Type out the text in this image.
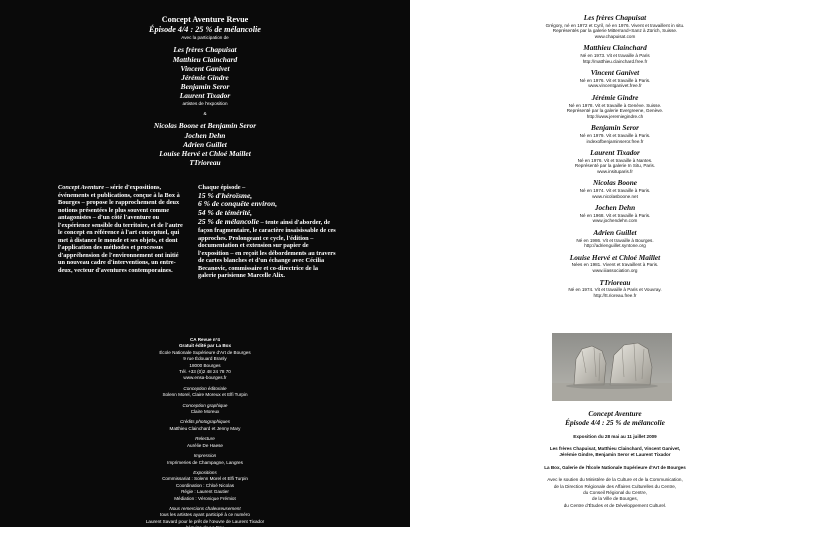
Concept Aventure Revue
Épisode 4/4 : 25 % de mélancolie
Avec la participation de
Les frères Chapuisat
Matthieu Clainchard
Vincent Ganivet
Jérémie Gindre
Benjamin Seror
Laurent Tixador
artistes de l'exposition
&
Nicolas Boone et Benjamin Seror
Jochen Dehn
Adrien Guillet
Louise Hervé et Chloé Maillet
TTrioreau
Concept Aventure – série d'expositions, événements et publications, conçue à la Box à Bourges – propose le rapprochement de deux notions présentées le plus souvent comme antagonistes – d'un côté l'aventure ou l'expérience sensible du territoire, et de l'autre le concept en référence à l'art conceptuel, qui met à distance le monde et ses objets, et dont l'application des méthodes et processus d'appréhension de l'environnement ont initié un nouveau cadre d'interventions, un entre-deux, vecteur d'aventures contemporaines.
Chaque épisode –
15 % d'héroïsme,
6 % de conquête environ,
54 % de témérité,
25 % de mélancolie – tente ainsi d'aborder, de façon fragmentaire, le caractère insaisissable de ces approches. Prolongeant ce cycle, l'édition – documentation et extension sur papier de l'exposition – en reçoit les débordements au travers de cartes blanches et d'un échange avec Cécilia Becanovic, commissaire et co-directrice de la galerie parisienne Marcelle Alix.
CA Revue n°4
Gratuit édité par La Box
École Nationale Supérieure d'Art de Bourges
9 rue Édouard Branly
18000 Bourges
Tél. +33 (0)2 48 24 78 70
www.ensa-bourges.fr
Conception éditoriale
Solenn Morel, Claire Moreux et Elfi Turpin
Conception graphique
Claire Moreux
Crédits photographiques
Matthieu Clainchard et Jenny Mary
Relecture
Aurélie De Haese
Impression
Imprimeries de Champagne, Langres
Expositions
Commissariat : Solenn Morel et Elfi Turpin
Coordination : Chloé Nicolas
Régie : Laurent Gautier
Médiation : Véronique Frémiot
Nous remercions chaleureusement
tous les artistes ayant participé à ce numéro
Laurent Savard pour le prêt de l'œuvre de Laurent Tixador
l'équipe de La Box
Jean-Yves Gauthier
les étudiants dont David Magnou, Quentin Ménard, Baptiste Piet, Romain Weintzeim
Stéphane Doré et l'École Nationale Supérieure d'Art de Bourges
et tout particulièrement Hervé Trioreau.
Les frères Chapuisat
Grégory, né en 1972 et Cyril, né en 1976. Vivent et travaillent in situ.
Représentés par la galerie Mitterrand+Sanz à Zürich, Suisse.
www.chapuisat.com
Matthieu Clainchard
Né en 1973. Vit et travaille à Paris
http://matthieu.clainchard.free.fr
Vincent Ganivet
Né en 1976. Vit et travaille à Paris.
www.vincentganivet.free.fr
Jérémie Gindre
Né en 1978. Vit et travaille à Genève. Suisse.
Représenté par la galerie Evergreene, Genève.
http://www.jeremiegindre.ch
Benjamin Seror
Né en 1979. Vit et travaille à Paris.
indexofbenjaminseror.free.fr
Laurent Tixador
Né en 1976. Vit et travaille à Nantes.
Représenté par la galerie In Situ, Paris.
www.insituparis.fr
Nicolas Boone
Né en 1974. Vit et travaille à Paris.
www.nicolasboone.net
Jochen Dehn
Né en 1968. Vit et travaille à Paris.
www.jochendehn.com
Adrien Guillet
Né en 1986. Vit et travaille à Bourges.
http://adrienguillet.syntone.org
Louise Hervé et Chloé Maillet
Nées en 1981. Vivent et travaillent à Paris.
www.iiiassociation.org
TTrioreau
Né en 1974. Vit et travaille à Paris et Vouvray.
http://tt.rioreau.free.fr
Concept Aventure
Épisode 4/4 : 25 % de mélancolie
Exposition du 28 mai au 11 juillet 2009
Les frères Chapuisat, Matthieu Clainchard, Vincent Ganivet,
Jérémie Gindre, Benjamin Seror et Laurent Tixador
La Box, Galerie de l'École Nationale Supérieure d'Art de Bourges
Avec le soutien du Ministère de la Culture et de la Communication,
de la Direction Régionale des Affaires Culturelles du Centre,
du Conseil Régional du Centre,
de la Ville de Bourges,
du Centre d'Études et de Développement Culturel.
